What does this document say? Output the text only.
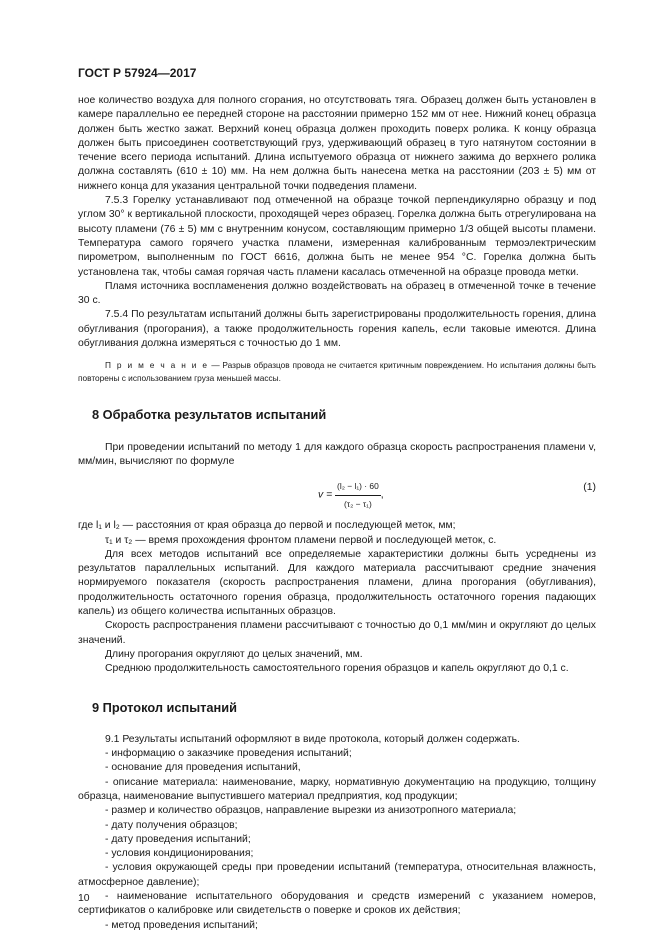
ГОСТ Р 57924—2017

ное количество воздуха для полного сгорания, но отсутствовать тяга. Образец должен быть установлен в камере параллельно ее передней стороне на расстоянии примерно 152 мм от нее. Нижний конец образца должен быть жестко зажат. Верхний конец образца должен проходить поверх ролика. К концу образца должен быть присоединен соответствующий груз, удерживающий образец в туго натянутом состоянии в течение всего периода испытаний. Длина испытуемого образца от нижнего зажима до верхнего ролика должна составлять (610 ± 10) мм. На нем должна быть нанесена метка на расстоянии (203 ± 5) мм от нижнего конца для указания центральной точки подведения пламени.

7.5.3 Горелку устанавливают под отмеченной на образце точкой перпендикулярно образцу и под углом 30° к вертикальной плоскости, проходящей через образец. Горелка должна быть отрегулирована на высоту пламени (76 ± 5) мм с внутренним конусом, составляющим примерно 1/3 общей высоты пламени. Температура самого горячего участка пламени, измеренная калиброванным термоэлектрическим пирометром, выполненным по ГОСТ 6616, должна быть не менее 954 °С. Горелка должна быть установлена так, чтобы самая горячая часть пламени касалась отмеченной на образце провода метки.

Пламя источника воспламенения должно воздействовать на образец в отмеченной точке в течение 30 с.

7.5.4 По результатам испытаний должны быть зарегистрированы продолжительность горения, длина обугливания (прогорания), а также продолжительность горения капель, если таковые имеются. Длина обугливания должна измеряться с точностью до 1 мм.

П р и м е ч а н и е — Разрыв образцов провода не считается критичным повреждением. Но испытания должны быть повторены с использованием груза меньшей массы.

8 Обработка результатов испытаний

При проведении испытаний по методу 1 для каждого образца скорость распространения пламени v, мм/мин, вычисляют по формуле

$v = \frac{\text{(l₂ − l₁) · 60}}{\text{(τ₂ − τ₁)}}$ ,
(1)

где l₁ и l₂ — расстояния от края образца до первой и последующей меток, мм;

τ₁ и τ₂ — время прохождения фронтом пламени первой и последующей меток, с.

Для всех методов испытаний все определяемые характеристики должны быть усреднены из результатов параллельных испытаний. Для каждого материала рассчитывают средние значения нормируемого показателя (скорость распространения пламени, длина прогорания (обугливания), продолжительность остаточного горения образца, продолжительность остаточного горения падающих капель) из общего количества испытанных образцов.

Скорость распространения пламени рассчитывают с точностью до 0,1 мм/мин и округляют до целых значений.

Длину прогорания округляют до целых значений, мм.

Среднюю продолжительность самостоятельного горения образцов и капель округляют до 0,1 с.

9 Протокол испытаний

9.1 Результаты испытаний оформляют в виде протокола, который должен содержать.

- информацию о заказчике проведения испытаний;

- основание для проведения испытаний,

- описание материала: наименование, марку, нормативную документацию на продукцию, толщину образца, наименование выпустившего материал предприятия, код продукции;

- размер и количество образцов, направление вырезки из анизотропного материала;

- дату получения образцов;

- дату проведения испытаний;

- условия кондиционирования;

- условия окружающей среды при проведении испытаний (температура, относительная влажность, атмосферное давление);

- наименование испытательного оборудования и средств измерений с указанием номеров, сертификатов о калибровке или свидетельств о поверке и сроков их действия;

- метод проведения испытаний;

10
